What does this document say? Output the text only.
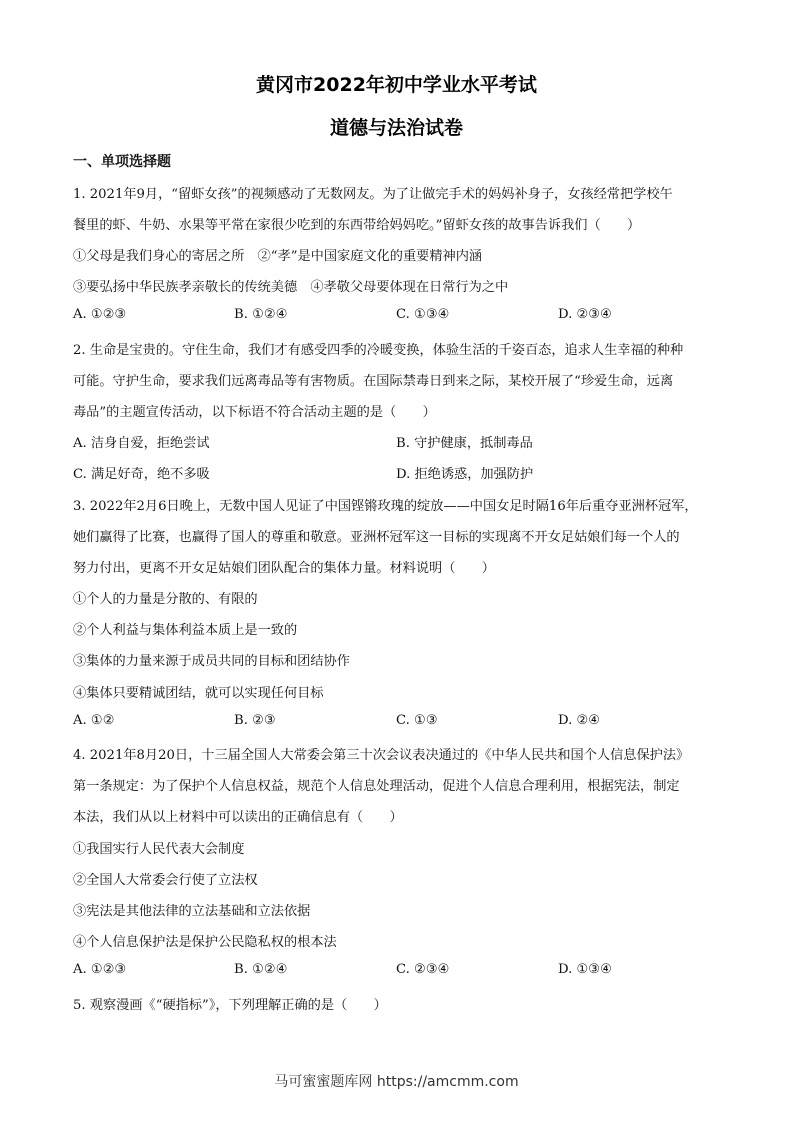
黄冈市2022年初中学业水平考试
道德与法治试卷
一、单项选择题
1. 2021年9月，“留虾女孩”的视频感动了无数网友。为了让做完手术的妈妈补身子，女孩经常把学校午
餐里的虾、牛奶、水果等平常在家很少吃到的东西带给妈妈吃。”留虾女孩的故事告诉我们（　　）
①父母是我们身心的寄居之所　②“孝”是中国家庭文化的重要精神内涵
③要弘扬中华民族孝亲敬长的传统美德　④孝敬父母要体现在日常行为之中
A. ①②③	B. ①②④	C. ①③④	D. ②③④
2. 生命是宝贵的。守住生命，我们才有感受四季的冷暖变换，体验生活的千姿百态，追求人生幸福的种种
可能。守护生命，要求我们远离毒品等有害物质。在国际禁毒日到来之际，某校开展了“珍爱生命，远离
毒品”的主题宣传活动，以下标语不符合活动主题的是（　　）
A. 洁身自爱，拒绝尝试	B. 守护健康，抵制毒品
C. 满足好奇，绝不多吸	D. 拒绝诱惑，加强防护
3. 2022年2月6日晚上，无数中国人见证了中国铿锵玫瑰的绽放——中国女足时隔16年后重夺亚洲杯冠军，
她们赢得了比赛，也赢得了国人的尊重和敬意。亚洲杯冠军这一目标的实现离不开女足姑娘们每一个人的
努力付出，更离不开女足姑娘们团队配合的集体力量。材料说明（　　）
①个人的力量是分散的、有限的
②个人利益与集体利益本质上是一致的
③集体的力量来源于成员共同的目标和团结协作
④集体只要精诚团结，就可以实现任何目标
A. ①②	B. ②③	C. ①③	D. ②④
4. 2021年8月20日，十三届全国人大常委会第三十次会议表决通过的《中华人民共和国个人信息保护法》
第一条规定：为了保护个人信息权益，规范个人信息处理活动，促进个人信息合理利用，根据宪法，制定
本法，我们从以上材料中可以读出的正确信息有（　　）
①我国实行人民代表大会制度
②全国人大常委会行使了立法权
③宪法是其他法律的立法基础和立法依据
④个人信息保护法是保护公民隐私权的根本法
A. ①②③	B. ①②④	C. ②③④	D. ①③④
5. 观察漫画《“硬指标”》，下列理解正确的是（　　）
马可蜜蜜题库网 https://amcmm.com
